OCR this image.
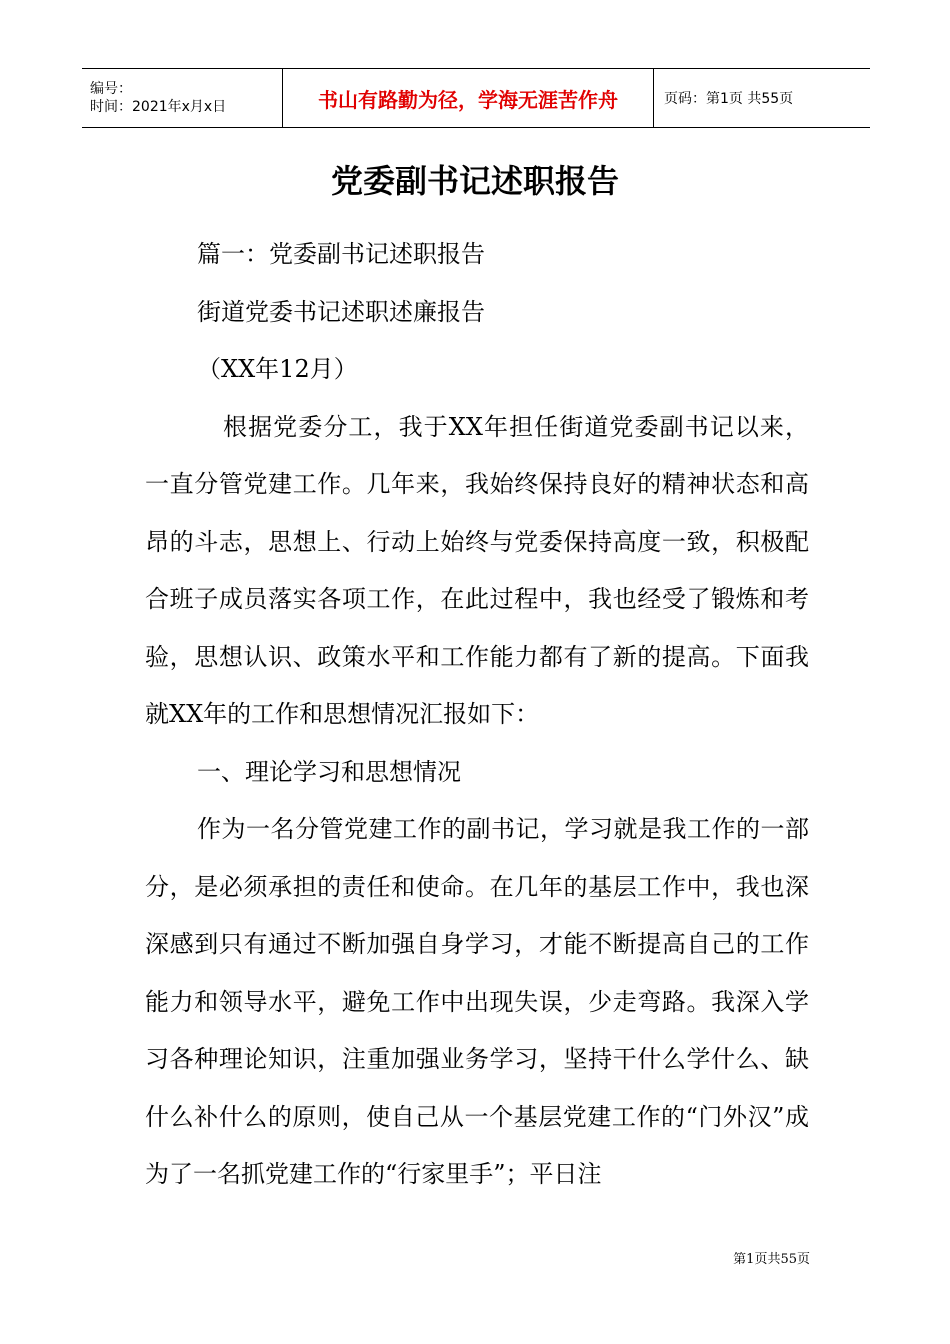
编号：
时间：2021年x月x日	书山有路勤为径，学海无涯苦作舟	页码：第1页 共55页
党委副书记述职报告

篇一：党委副书记述职报告

街道党委书记述职述廉报告

（XX年12月）

根据党委分工，我于XX年担任街道党委副书记以来，一直分管党建工作。几年来，我始终保持良好的精神状态和高昂的斗志，思想上、行动上始终与党委保持高度一致，积极配合班子成员落实各项工作，在此过程中，我也经受了锻炼和考验，思想认识、政策水平和工作能力都有了新的提高。下面我就XX年的工作和思想情况汇报如下：

一、理论学习和思想情况

作为一名分管党建工作的副书记，学习就是我工作的一部分，是必须承担的责任和使命。在几年的基层工作中，我也深深感到只有通过不断加强自身学习，才能不断提高自己的工作能力和领导水平，避免工作中出现失误，少走弯路。我深入学习各种理论知识，注重加强业务学习，坚持干什么学什么、缺什么补什么的原则，使自己从一个基层党建工作的“门外汉”成为了一名抓党建工作的“行家里手”；平日注

第1页共55页
